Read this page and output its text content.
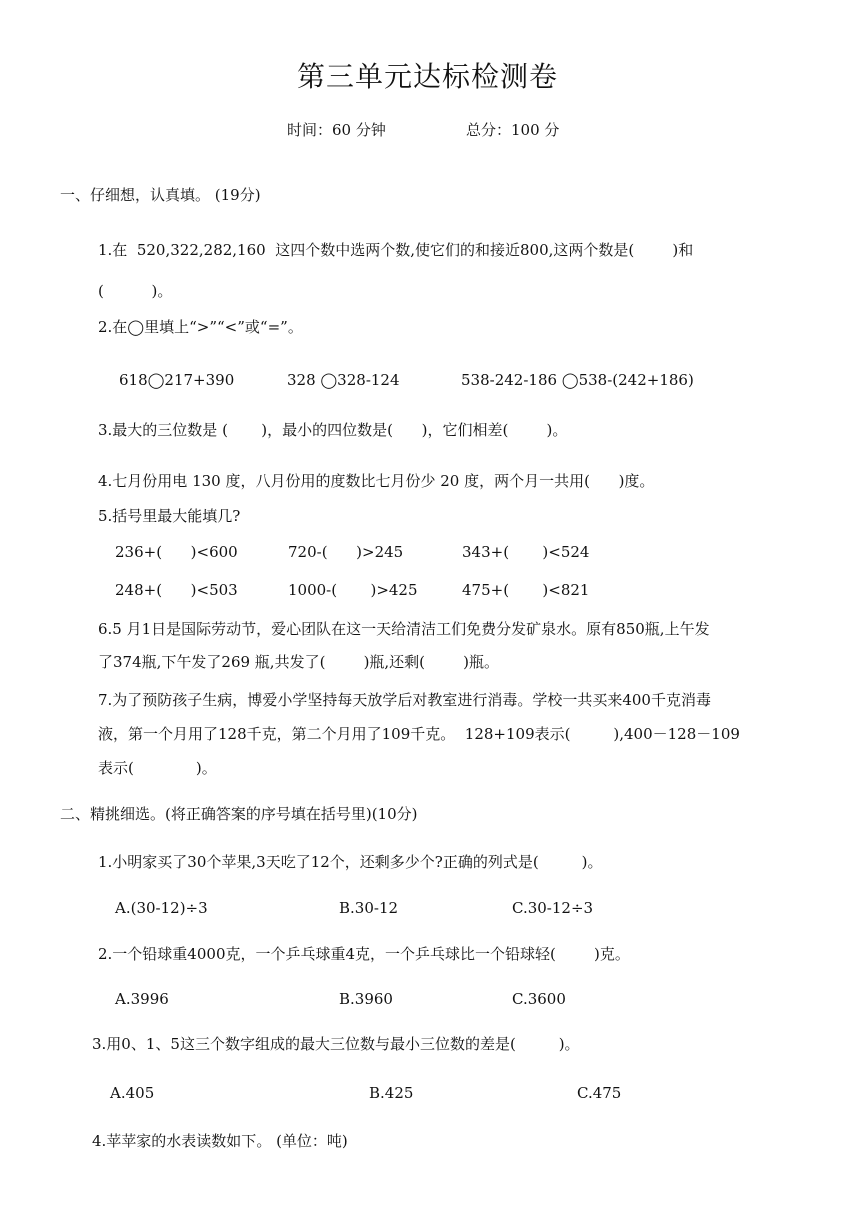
第三单元达标检测卷
时间：60 分钟	总分：100 分
一、仔细想，认真填。 (19分)
1.在  520,322,282,160  这四个数中选两个数,使它们的和接近800,这两个数是(        )和
(          )。
2.在◯里填上“>”“<”或“=”。
618◯217+390	328 ◯328-124	538-242-186 ◯538-(242+186)
3.最大的三位数是 (       )，最小的四位数是(      )，它们相差(        )。
4.七月份用电 130 度，八月份用的度数比七月份少 20 度，两个月一共用(      )度。
5.括号里最大能填几?
236+(      )<600	720-(      )>245	343+(       )<524
248+(      )<503	1000-(       )>425	475+(       )<821
6.5 月1日是国际劳动节，爱心团队在这一天给清洁工们免费分发矿泉水。原有850瓶,上午发
了374瓶,下午发了269 瓶,共发了(        )瓶,还剩(        )瓶。
7.为了预防孩子生病，博爱小学坚持每天放学后对教室进行消毒。学校一共买来400千克消毒
液，第一个月用了128千克，第二个月用了109千克。  128+109表示(         ),400－128－109
表示(             )。
二、精挑细选。(将正确答案的序号填在括号里)(10分)
1.小明家买了30个苹果,3天吃了12个，还剩多少个?正确的列式是(         )。
A.(30-12)÷3	B.30-12	C.30-12÷3
2.一个铅球重4000克，一个乒乓球重4克，一个乒乓球比一个铅球轻(        )克。
A.3996	B.3960	C.3600
3.用0、1、5这三个数字组成的最大三位数与最小三位数的差是(         )。
A.405	B.425	C.475
4.苹苹家的水表读数如下。 (单位：吨)
